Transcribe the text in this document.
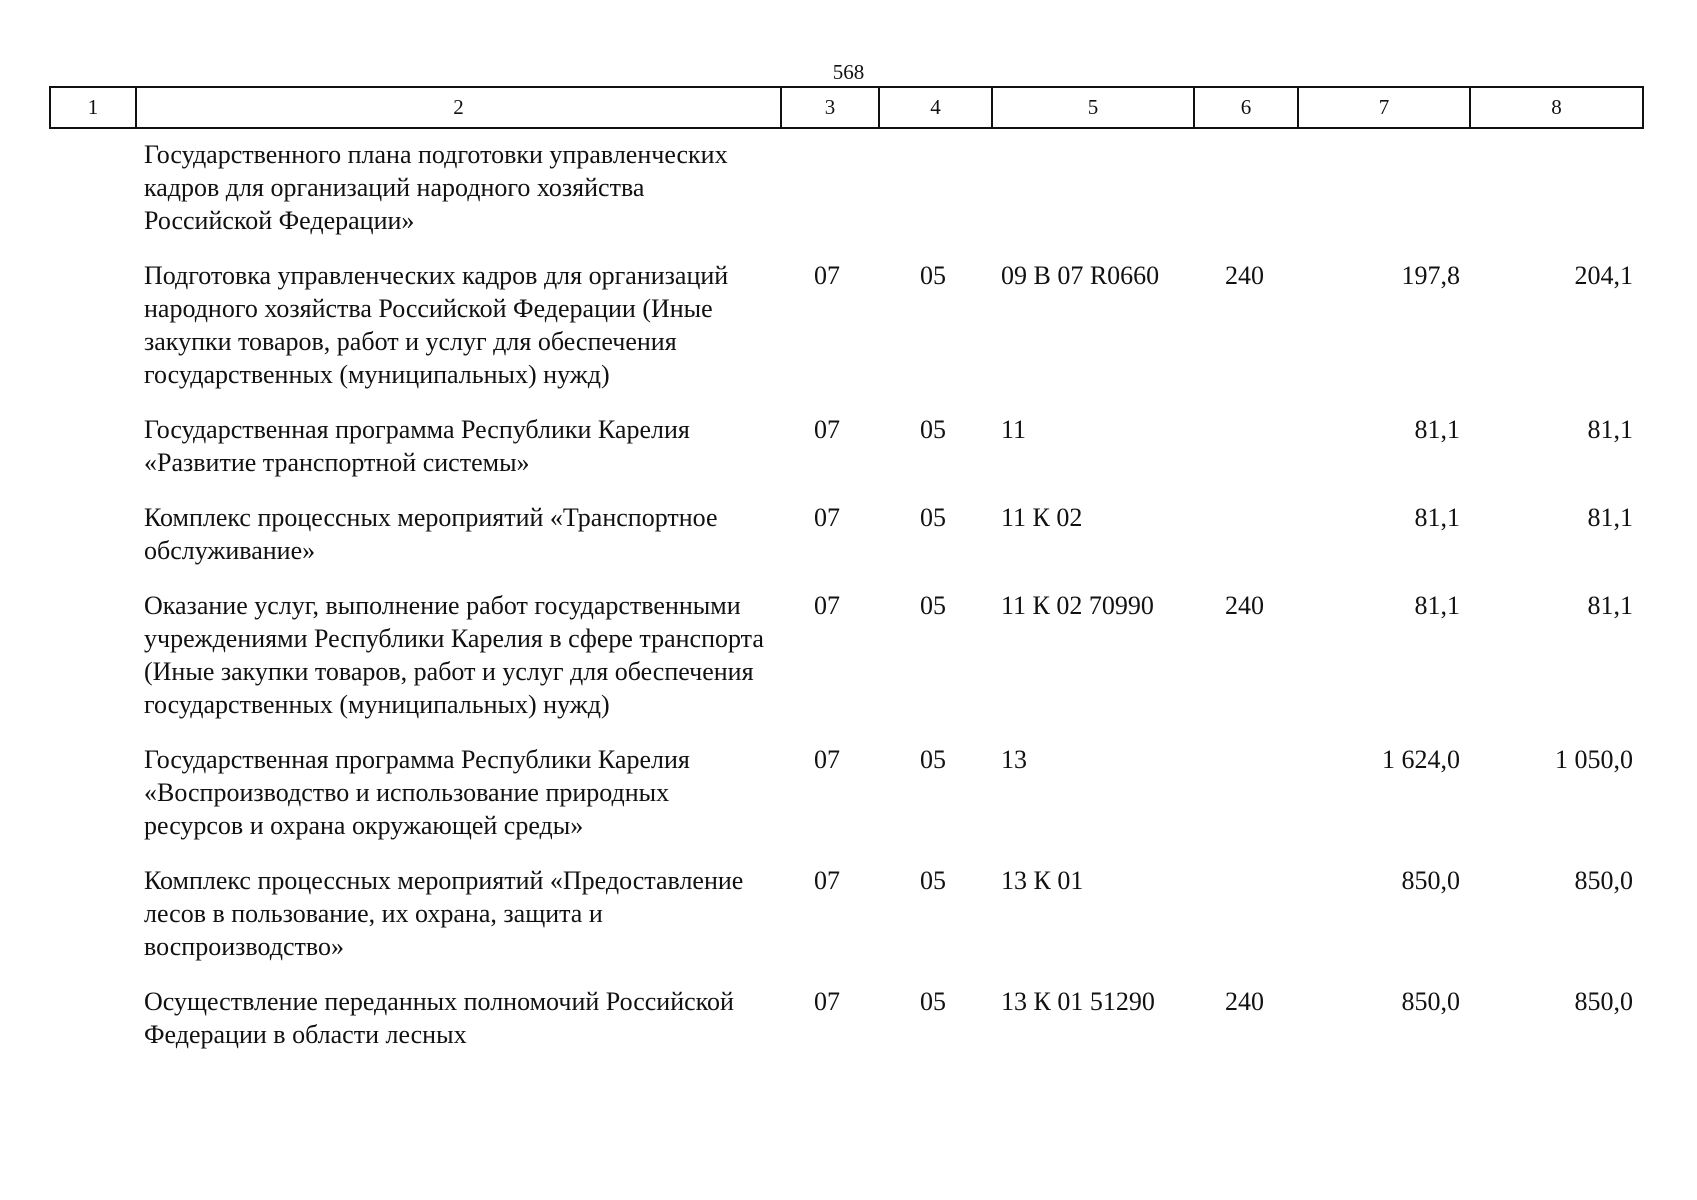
568
1	2	3	4	5	6	7	8
Государственного плана подготовки управленческих кадров для организаций народного хозяйства Российской Федерации»						
Подготовка управленческих кадров для организаций народного хозяйства Российской Федерации (Иные закупки товаров, работ и услуг для обеспечения государственных (муниципальных) нужд)	07	05	09 В 07 R0660	240	197,8	204,1
Государственная программа Республики Карелия «Развитие транспортной системы»	07	05	11		81,1	81,1
Комплекс процессных мероприятий «Транспортное обслуживание»	07	05	11 К 02		81,1	81,1
Оказание услуг, выполнение работ государственными учреждениями Республики Карелия в сфере транспорта (Иные закупки товаров, работ и услуг для обеспечения государственных (муниципальных) нужд)	07	05	11 К 02 70990	240	81,1	81,1
Государственная программа Республики Карелия «Воспроизводство и использование природных ресурсов и охрана окружающей среды»	07	05	13		1 624,0	1 050,0
Комплекс процессных мероприятий «Предоставление лесов в пользование, их охрана, защита и воспроизводство»	07	05	13 К 01		850,0	850,0
Осуществление переданных полномочий Российской Федерации в области лесных	07	05	13 К 01 51290	240	850,0	850,0
